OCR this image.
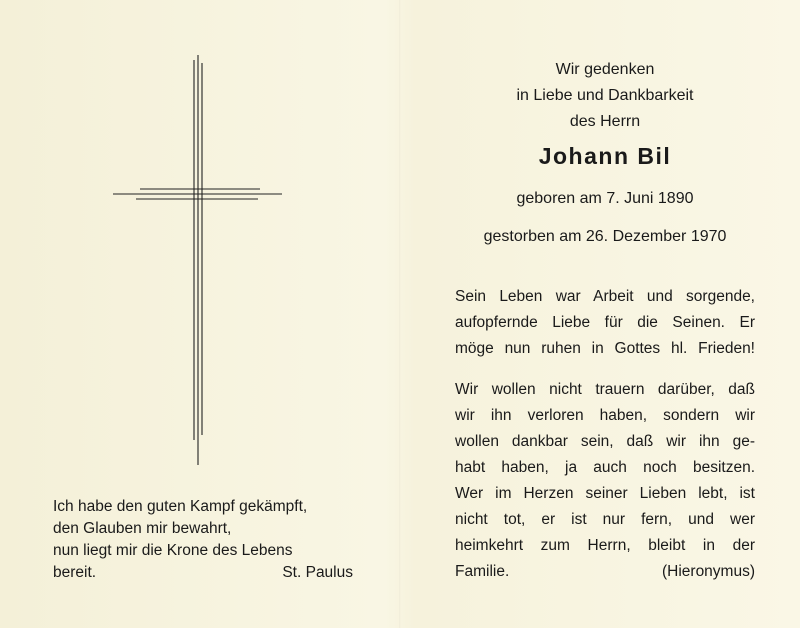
Ich habe den guten Kampf gekämpft,
den Glauben mir bewahrt,
nun liegt mir die Krone des Lebens
bereit.	St. Paulus
Wir gedenken
in Liebe und Dankbarkeit
des Herrn
Johann Bil
geboren am 7. Juni 1890
gestorben am 26. Dezember 1970
Sein Leben war Arbeit und sorgende,
aufopfernde Liebe für die Seinen. Er
möge nun ruhen in Gottes hl. Frieden!
Wir wollen nicht trauern darüber, daß
wir ihn verloren haben, sondern wir
wollen dankbar sein, daß wir ihn ge-
habt haben, ja auch noch besitzen.
Wer im Herzen seiner Lieben lebt, ist
nicht tot, er ist nur fern, und wer
heimkehrt zum Herrn, bleibt in der
Familie.	(Hieronymus)
